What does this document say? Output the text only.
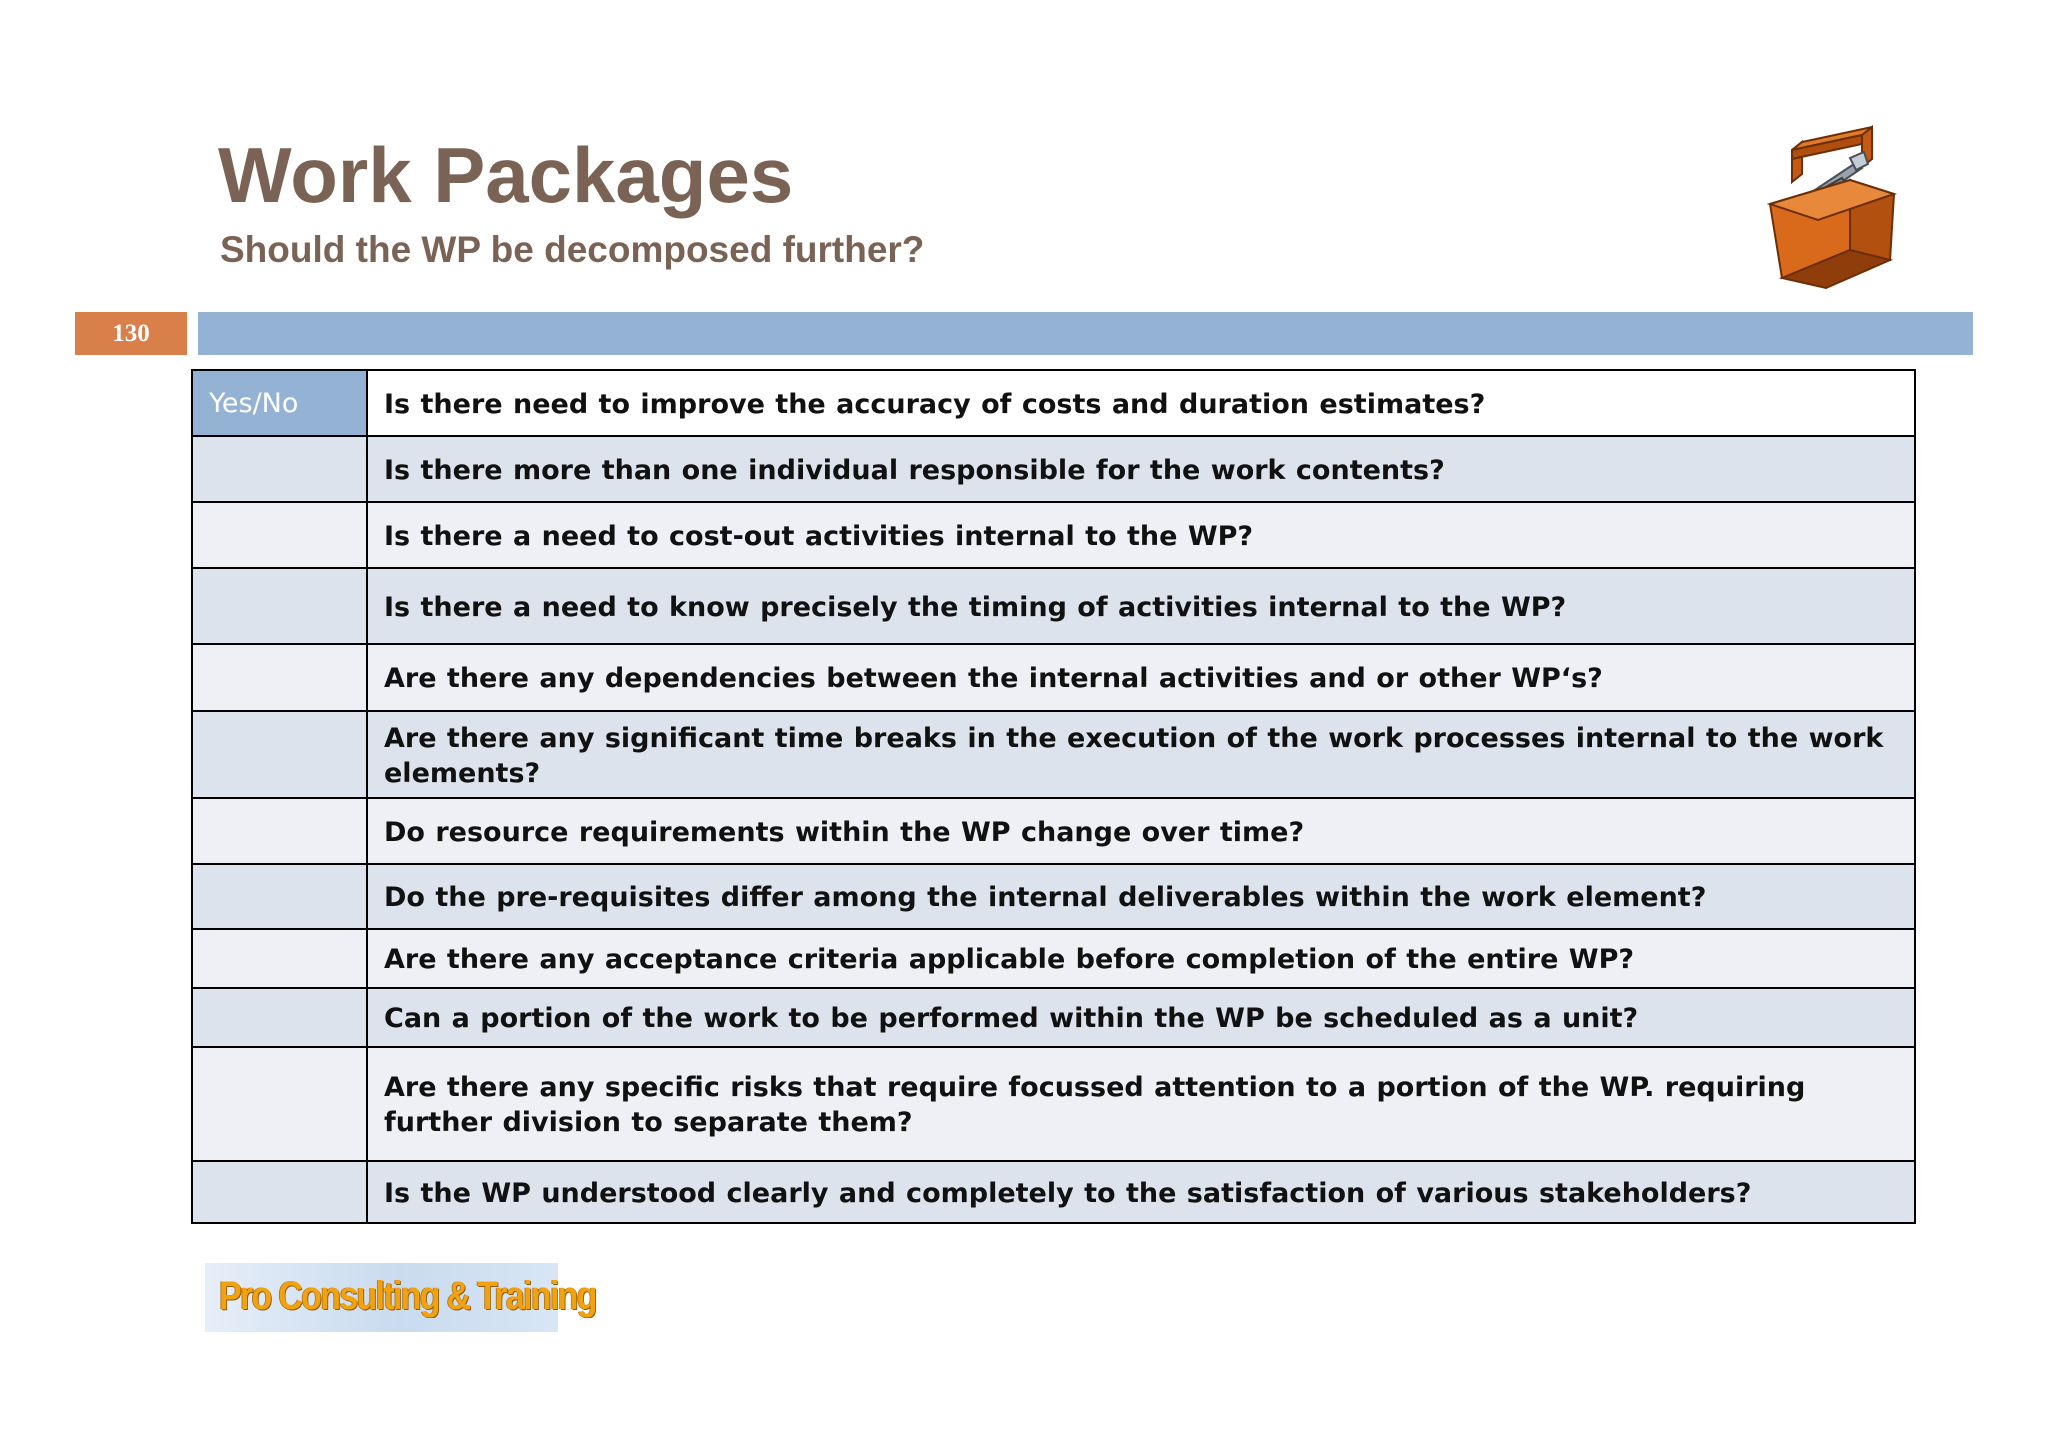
Work Packages
Should the WP be decomposed further?
130
Yes/No	Is there need to improve the accuracy of costs and duration estimates?
	Is there more than one individual responsible for the work contents?
	Is there a need to cost-out activities internal to the WP?
	Is there a need to know precisely the timing of activities internal to the WP?
	Are there any dependencies between the internal activities and or other WP‘s?
	Are there any significant time breaks in the execution of the work processes internal to the work elements?
	Do resource requirements within the WP change over time?
	Do the pre-requisites differ among the internal deliverables within the work element?
	Are there any acceptance criteria applicable before completion of the entire WP?
	Can a portion of the work to be performed within the WP be scheduled as a unit?
	Are there any specific risks that require focussed attention to a portion of the WP. requiring further division to separate them?
	Is the WP understood clearly and completely to the satisfaction of various stakeholders?
Pro Consulting & Training
